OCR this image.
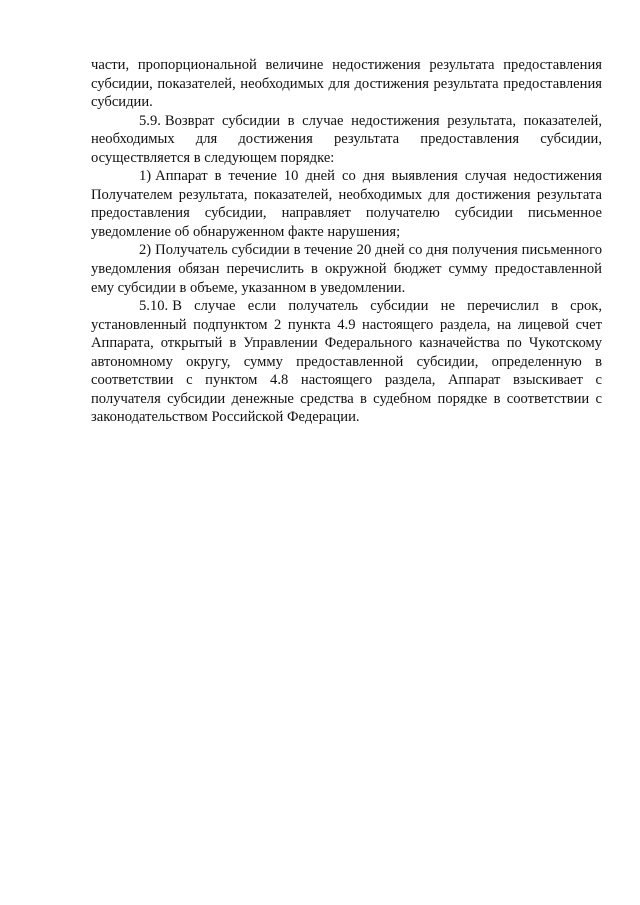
части, пропорциональной величине недостижения результата предоставления субсидии, показателей, необходимых для достижения результата предоставления субсидии.

5.9. Возврат субсидии в случае недостижения результата, показателей, необходимых для достижения результата предоставления субсидии, осуществляется в следующем порядке:

1) Аппарат в течение 10 дней со дня выявления случая недостижения Получателем результата, показателей, необходимых для достижения результата предоставления субсидии, направляет получателю субсидии письменное уведомление об обнаруженном факте нарушения;

2) Получатель субсидии в течение 20 дней со дня получения письменного уведомления обязан перечислить в окружной бюджет сумму предоставленной ему субсидии в объеме, указанном в уведомлении.

5.10. В случае если получатель субсидии не перечислил в срок, установленный подпунктом 2 пункта 4.9 настоящего раздела, на лицевой счет Аппарата, открытый в Управлении Федерального казначейства по Чукотскому автономному округу, сумму предоставленной субсидии, определенную в соответствии с пунктом 4.8 настоящего раздела, Аппарат взыскивает с получателя субсидии денежные средства в судебном порядке в соответствии с законодательством Российской Федерации.
